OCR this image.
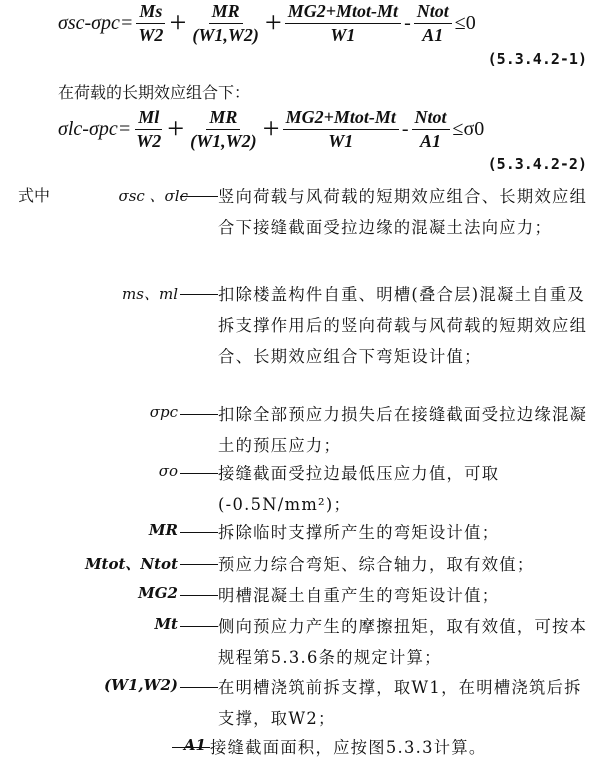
$\sigma sc-\sigma pc= \frac{Ms}{W2} + \frac{MR}{(W1,W2)} + \frac{\text{MG2+Mtot-Mt}}{W1} - \frac{\text{Ntot}}{A1} \le 0$
(5.3.4.2-1)
在荷载的长期效应组合下：
$\sigma lc-\sigma pc= \frac{Ml}{W2} + \frac{MR}{(W1,W2)} + \frac{\text{MG2+Mtot-Mt}}{W1} - \frac{\text{Ntot}}{A1} \le\sigma 0$
(5.3.4.2-2)
式中	σsc 、σlc 竖向荷载与风荷载的短期效应组合、长期效应组合下接缝截面受拉边缘的混凝土法向应力；
ms、ml 扣除楼盖构件自重、明槽(叠合层)混凝土自重及拆支撑作用后的竖向荷载与风荷载的短期效应组合、长期效应组合下弯矩设计值；
σpc 扣除全部预应力损失后在接缝截面受拉边缘混凝土的预压应力；
σo 接缝截面受拉边最低压应力值，可取(-0.5N/mm²)；
MR 拆除临时支撑所产生的弯矩设计值；
Mtot、Ntot 预应力综合弯矩、综合轴力，取有效值；
MG2 明槽混凝土自重产生的弯矩设计值；
Mt 侧向预应力产生的摩擦扭矩，取有效值，可按本规程第5.3.6条的规定计算；
(W1,W2) 在明槽浇筑前拆支撑，取W1，在明槽浇筑后拆支撑，取W2；
A1 接缝截面面积，应按图5.3.3计算。
